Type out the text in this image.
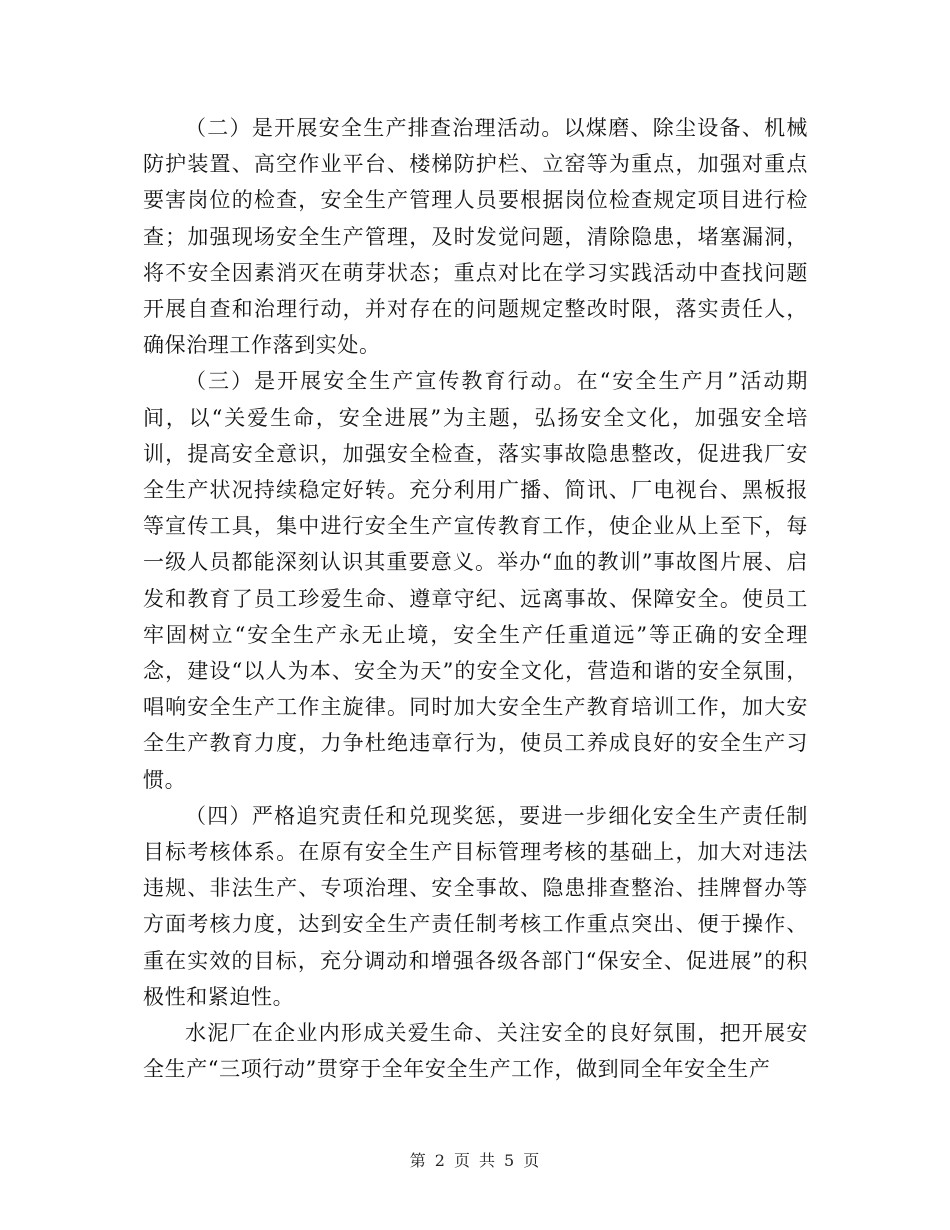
（二）是开展安全生产排查治理活动。以煤磨、除尘设备、机械防护装置、高空作业平台、楼梯防护栏、立窑等为重点，加强对重点要害岗位的检查，安全生产管理人员要根据岗位检查规定项目进行检查；加强现场安全生产管理，及时发觉问题，清除隐患，堵塞漏洞，将不安全因素消灭在萌芽状态；重点对比在学习实践活动中查找问题开展自查和治理行动，并对存在的问题规定整改时限，落实责任人，确保治理工作落到实处。

（三）是开展安全生产宣传教育行动。在“安全生产月”活动期间，以“关爱生命，安全进展”为主题，弘扬安全文化，加强安全培训，提高安全意识，加强安全检查，落实事故隐患整改，促进我厂安全生产状况持续稳定好转。充分利用广播、简讯、厂电视台、黑板报等宣传工具，集中进行安全生产宣传教育工作，使企业从上至下，每一级人员都能深刻认识其重要意义。举办“血的教训”事故图片展、启发和教育了员工珍爱生命、遵章守纪、远离事故、保障安全。使员工牢固树立“安全生产永无止境，安全生产任重道远”等正确的安全理念，建设“以人为本、安全为天”的安全文化，营造和谐的安全氛围，唱响安全生产工作主旋律。同时加大安全生产教育培训工作，加大安全生产教育力度，力争杜绝违章行为，使员工养成良好的安全生产习惯。

（四）严格追究责任和兑现奖惩，要进一步细化安全生产责任制目标考核体系。在原有安全生产目标管理考核的基础上，加大对违法违规、非法生产、专项治理、安全事故、隐患排查整治、挂牌督办等方面考核力度，达到安全生产责任制考核工作重点突出、便于操作、重在实效的目标，充分调动和增强各级各部门“保安全、促进展”的积极性和紧迫性。

水泥厂在企业内形成关爱生命、关注安全的良好氛围，把开展安全生产“三项行动”贯穿于全年安全生产工作，做到同全年安全生产

第 2 页 共 5 页
